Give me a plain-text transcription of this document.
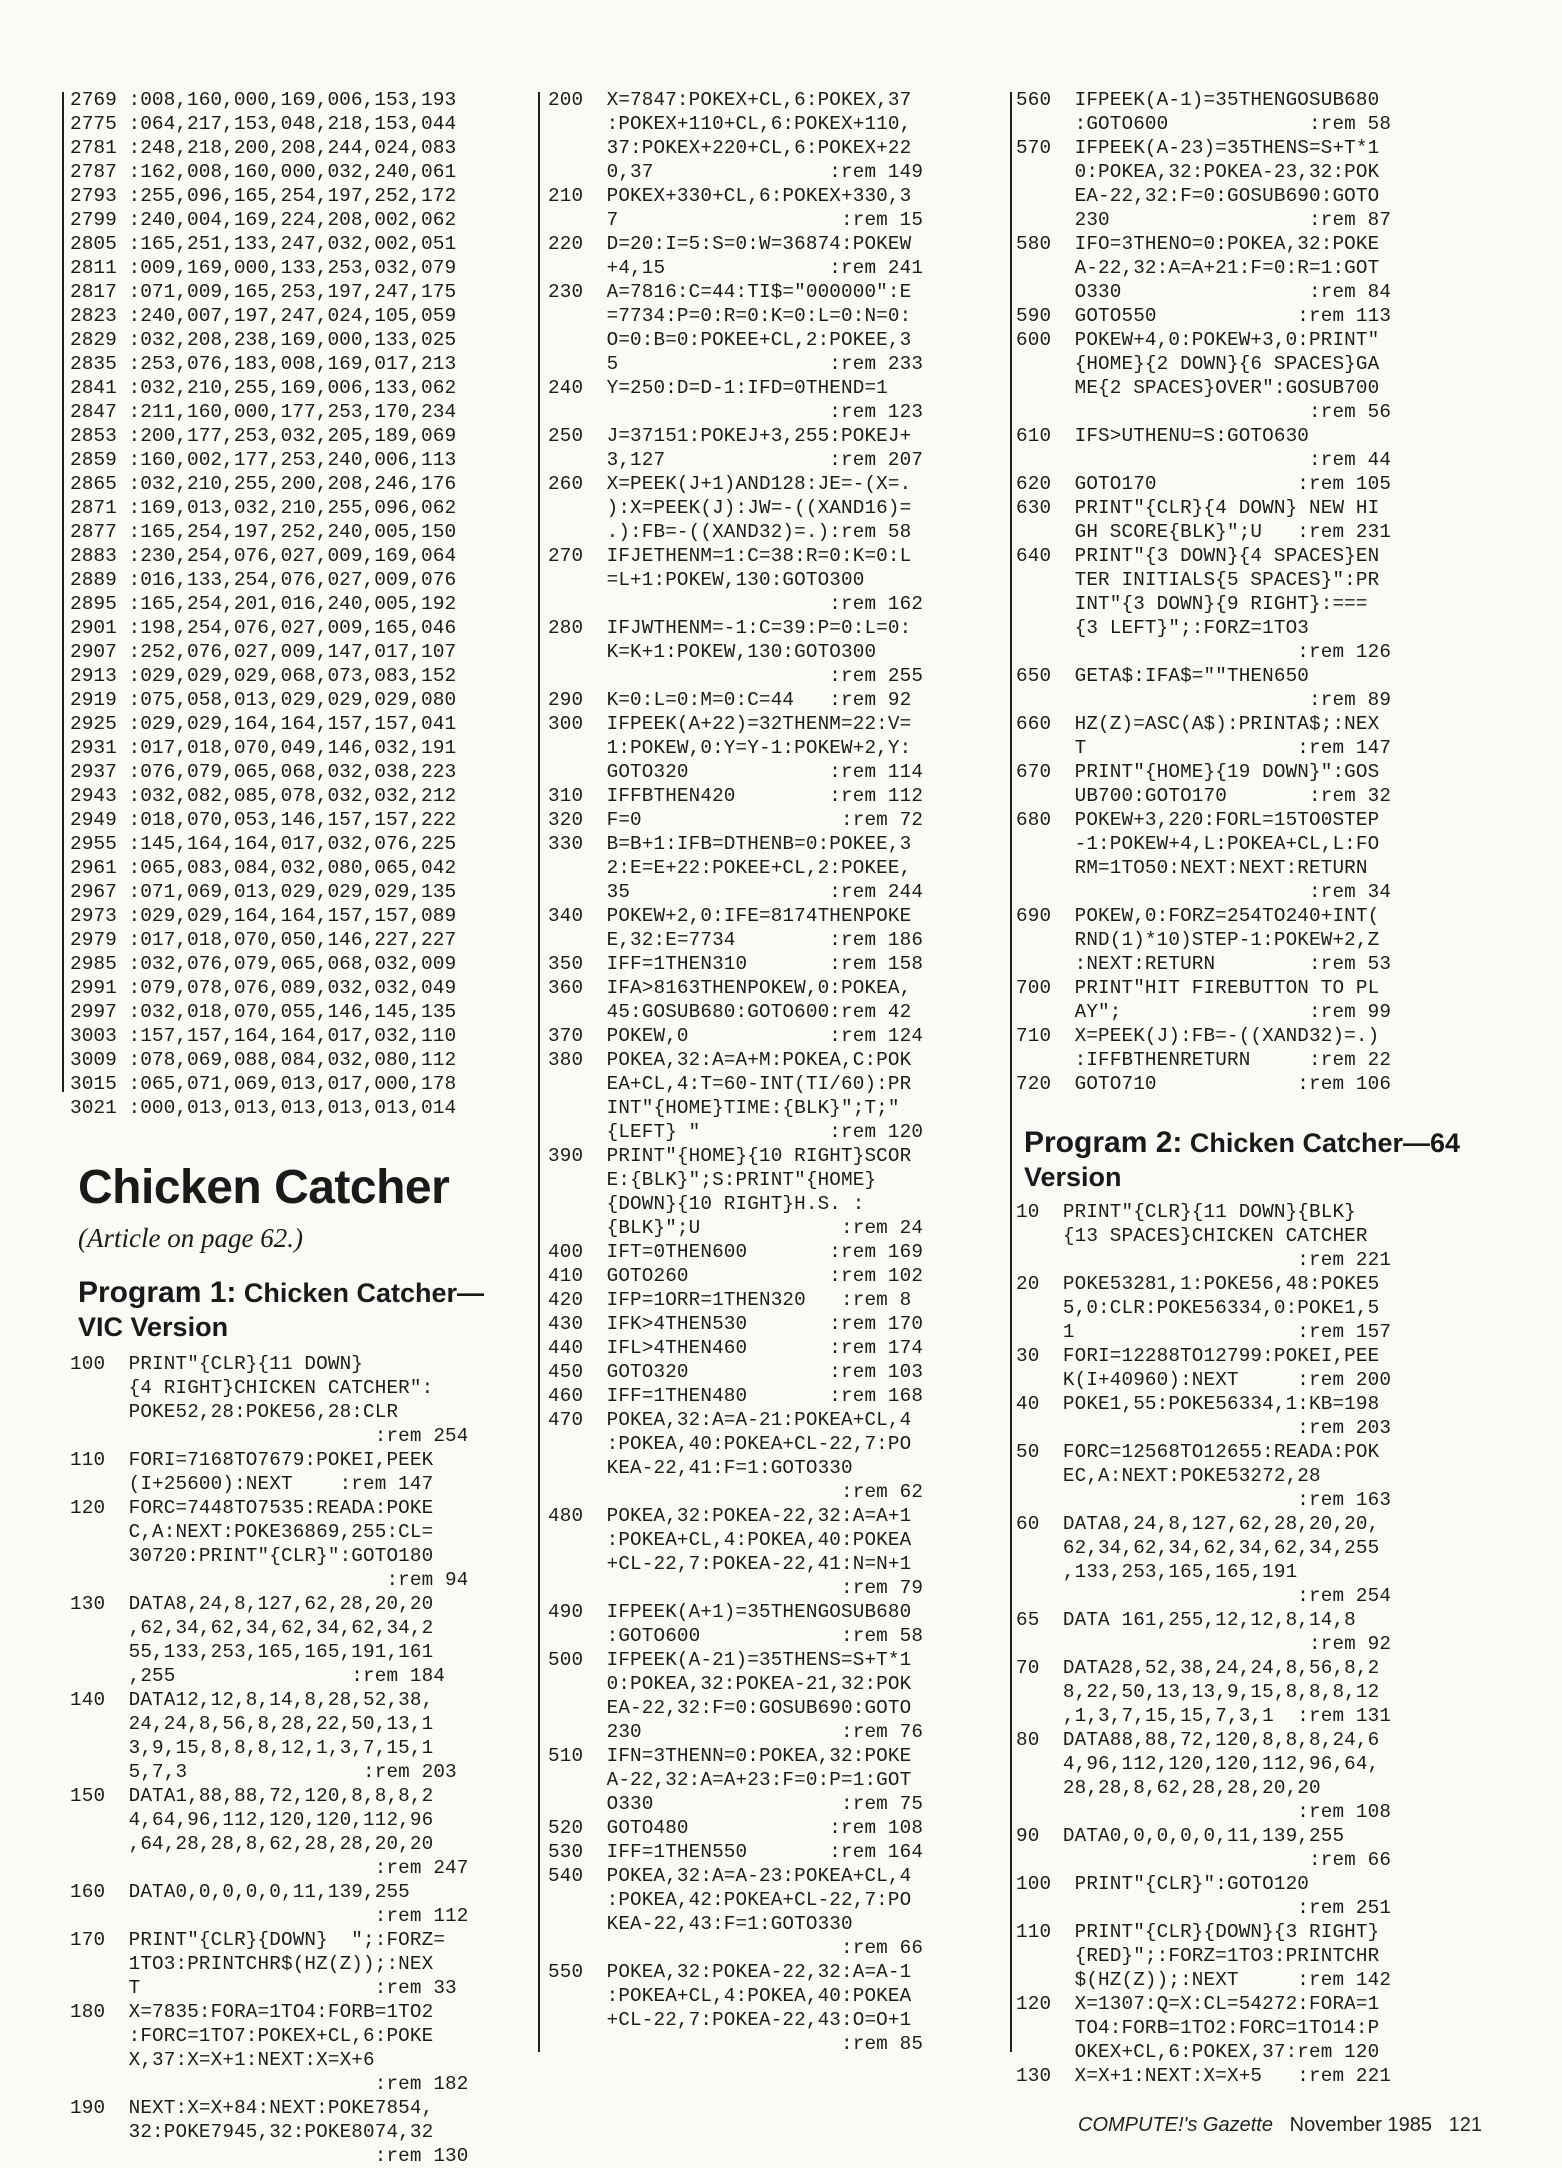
2769 :008,160,000,169,006,153,193
2775 :064,217,153,048,218,153,044
2781 :248,218,200,208,244,024,083
2787 :162,008,160,000,032,240,061
2793 :255,096,165,254,197,252,172
2799 :240,004,169,224,208,002,062
2805 :165,251,133,247,032,002,051
2811 :009,169,000,133,253,032,079
2817 :071,009,165,253,197,247,175
2823 :240,007,197,247,024,105,059
2829 :032,208,238,169,000,133,025
2835 :253,076,183,008,169,017,213
2841 :032,210,255,169,006,133,062
2847 :211,160,000,177,253,170,234
2853 :200,177,253,032,205,189,069
2859 :160,002,177,253,240,006,113
2865 :032,210,255,200,208,246,176
2871 :169,013,032,210,255,096,062
2877 :165,254,197,252,240,005,150
2883 :230,254,076,027,009,169,064
2889 :016,133,254,076,027,009,076
2895 :165,254,201,016,240,005,192
2901 :198,254,076,027,009,165,046
2907 :252,076,027,009,147,017,107
2913 :029,029,029,068,073,083,152
2919 :075,058,013,029,029,029,080
2925 :029,029,164,164,157,157,041
2931 :017,018,070,049,146,032,191
2937 :076,079,065,068,032,038,223
2943 :032,082,085,078,032,032,212
2949 :018,070,053,146,157,157,222
2955 :145,164,164,017,032,076,225
2961 :065,083,084,032,080,065,042
2967 :071,069,013,029,029,029,135
2973 :029,029,164,164,157,157,089
2979 :017,018,070,050,146,227,227
2985 :032,076,079,065,068,032,009
2991 :079,078,076,089,032,032,049
2997 :032,018,070,055,146,145,135
3003 :157,157,164,164,017,032,110
3009 :078,069,088,084,032,080,112
3015 :065,071,069,013,017,000,178
3021 :000,013,013,013,013,013,014
Chicken Catcher
(Article on page 62.)
Program 1: Chicken Catcher—
VIC Version
100  PRINT"{CLR}{11 DOWN}
{4 RIGHT}CHICKEN CATCHER":
POKE52,28:POKE56,28:CLR
:rem 254
110  FORI=7168TO7679:POKEI,PEEK
(I+25600):NEXT    :rem 147
120  FORC=7448TO7535:READA:POKE
C,A:NEXT:POKE36869,255:CL=
30720:PRINT"{CLR}":GOTO180
:rem 94
130  DATA8,24,8,127,62,28,20,20
,62,34,62,34,62,34,62,34,2
55,133,253,165,165,191,161
,255               :rem 184
140  DATA12,12,8,14,8,28,52,38,
24,24,8,56,8,28,22,50,13,1
3,9,15,8,8,8,12,1,3,7,15,1
5,7,3               :rem 203
150  DATA1,88,88,72,120,8,8,8,2
4,64,96,112,120,120,112,96
,64,28,28,8,62,28,28,20,20
:rem 247
160  DATA0,0,0,0,0,11,139,255
:rem 112
170  PRINT"{CLR}{DOWN}  ";:FORZ=
1TO3:PRINTCHR$(HZ(Z));:NEX
T                    :rem 33
180  X=7835:FORA=1TO4:FORB=1TO2
:FORC=1TO7:POKEX+CL,6:POKE
X,37:X=X+1:NEXT:X=X+6
:rem 182
190  NEXT:X=X+84:NEXT:POKE7854,
32:POKE7945,32:POKE8074,32
:rem 130
200  X=7847:POKEX+CL,6:POKEX,37
:POKEX+110+CL,6:POKEX+110,
37:POKEX+220+CL,6:POKEX+22
0,37               :rem 149
210  POKEX+330+CL,6:POKEX+330,3
7                   :rem 15
220  D=20:I=5:S=0:W=36874:POKEW
+4,15              :rem 241
230  A=7816:C=44:TI$="000000":E
=7734:P=0:R=0:K=0:L=0:N=0:
O=0:B=0:POKEE+CL,2:POKEE,3
5                  :rem 233
240  Y=250:D=D-1:IFD=0THEND=1
:rem 123
250  J=37151:POKEJ+3,255:POKEJ+
3,127              :rem 207
260  X=PEEK(J+1)AND128:JE=-(X=.
):X=PEEK(J):JW=-((XAND16)=
.):FB=-((XAND32)=.):rem 58
270  IFJETHENM=1:C=38:R=0:K=0:L
=L+1:POKEW,130:GOTO300
:rem 162
280  IFJWTHENM=-1:C=39:P=0:L=0:
K=K+1:POKEW,130:GOTO300
:rem 255
290  K=0:L=0:M=0:C=44   :rem 92
300  IFPEEK(A+22)=32THENM=22:V=
1:POKEW,0:Y=Y-1:POKEW+2,Y:
GOTO320            :rem 114
310  IFFBTHEN420        :rem 112
320  F=0                 :rem 72
330  B=B+1:IFB=DTHENB=0:POKEE,3
2:E=E+22:POKEE+CL,2:POKEE,
35                 :rem 244
340  POKEW+2,0:IFE=8174THENPOKE
E,32:E=7734        :rem 186
350  IFF=1THEN310       :rem 158
360  IFA>8163THENPOKEW,0:POKEA,
45:GOSUB680:GOTO600:rem 42
370  POKEW,0            :rem 124
380  POKEA,32:A=A+M:POKEA,C:POK
EA+CL,4:T=60-INT(TI/60):PR
INT"{HOME}TIME:{BLK}";T;"
{LEFT} "           :rem 120
390  PRINT"{HOME}{10 RIGHT}SCOR
E:{BLK}";S:PRINT"{HOME}
{DOWN}{10 RIGHT}H.S. :
{BLK}";U            :rem 24
400  IFT=0THEN600       :rem 169
410  GOTO260            :rem 102
420  IFP=1ORR=1THEN320   :rem 8
430  IFK>4THEN530       :rem 170
440  IFL>4THEN460       :rem 174
450  GOTO320            :rem 103
460  IFF=1THEN480       :rem 168
470  POKEA,32:A=A-21:POKEA+CL,4
:POKEA,40:POKEA+CL-22,7:PO
KEA-22,41:F=1:GOTO330
:rem 62
480  POKEA,32:POKEA-22,32:A=A+1
:POKEA+CL,4:POKEA,40:POKEA
+CL-22,7:POKEA-22,41:N=N+1
:rem 79
490  IFPEEK(A+1)=35THENGOSUB680
:GOTO600            :rem 58
500  IFPEEK(A-21)=35THENS=S+T*1
0:POKEA,32:POKEA-21,32:POK
EA-22,32:F=0:GOSUB690:GOTO
230                 :rem 76
510  IFN=3THENN=0:POKEA,32:POKE
A-22,32:A=A+23:F=0:P=1:GOT
O330                :rem 75
520  GOTO480            :rem 108
530  IFF=1THEN550       :rem 164
540  POKEA,32:A=A-23:POKEA+CL,4
:POKEA,42:POKEA+CL-22,7:PO
KEA-22,43:F=1:GOTO330
:rem 66
550  POKEA,32:POKEA-22,32:A=A-1
:POKEA+CL,4:POKEA,40:POKEA
+CL-22,7:POKEA-22,43:O=O+1
:rem 85
560  IFPEEK(A-1)=35THENGOSUB680
:GOTO600            :rem 58
570  IFPEEK(A-23)=35THENS=S+T*1
0:POKEA,32:POKEA-23,32:POK
EA-22,32:F=0:GOSUB690:GOTO
230                 :rem 87
580  IFO=3THENO=0:POKEA,32:POKE
A-22,32:A=A+21:F=0:R=1:GOT
O330                :rem 84
590  GOTO550            :rem 113
600  POKEW+4,0:POKEW+3,0:PRINT"
{HOME}{2 DOWN}{6 SPACES}GA
ME{2 SPACES}OVER":GOSUB700
:rem 56
610  IFS>UTHENU=S:GOTO630
:rem 44
620  GOTO170            :rem 105
630  PRINT"{CLR}{4 DOWN} NEW HI
GH SCORE{BLK}";U   :rem 231
640  PRINT"{3 DOWN}{4 SPACES}EN
TER INITIALS{5 SPACES}":PR
INT"{3 DOWN}{9 RIGHT}:===
{3 LEFT}";:FORZ=1TO3
:rem 126
650  GETA$:IFA$=""THEN650
:rem 89
660  HZ(Z)=ASC(A$):PRINTA$;:NEX
T                  :rem 147
670  PRINT"{HOME}{19 DOWN}":GOS
UB700:GOTO170       :rem 32
680  POKEW+3,220:FORL=15TO0STEP
-1:POKEW+4,L:POKEA+CL,L:FO
RM=1TO50:NEXT:NEXT:RETURN
:rem 34
690  POKEW,0:FORZ=254TO240+INT(
RND(1)*10)STEP-1:POKEW+2,Z
:NEXT:RETURN        :rem 53
700  PRINT"HIT FIREBUTTON TO PL
AY";                :rem 99
710  X=PEEK(J):FB=-((XAND32)=.)
:IFFBTHENRETURN     :rem 22
720  GOTO710            :rem 106
Program 2: Chicken Catcher—64
Version
10  PRINT"{CLR}{11 DOWN}{BLK}
{13 SPACES}CHICKEN CATCHER
:rem 221
20  POKE53281,1:POKE56,48:POKE5
5,0:CLR:POKE56334,0:POKE1,5
1                   :rem 157
30  FORI=12288TO12799:POKEI,PEE
K(I+40960):NEXT     :rem 200
40  POKE1,55:POKE56334,1:KB=198
:rem 203
50  FORC=12568TO12655:READA:POK
EC,A:NEXT:POKE53272,28
:rem 163
60  DATA8,24,8,127,62,28,20,20,
62,34,62,34,62,34,62,34,255
,133,253,165,165,191
:rem 254
65  DATA 161,255,12,12,8,14,8
:rem 92
70  DATA28,52,38,24,24,8,56,8,2
8,22,50,13,13,9,15,8,8,8,12
,1,3,7,15,15,7,3,1  :rem 131
80  DATA88,88,72,120,8,8,8,24,6
4,96,112,120,120,112,96,64,
28,28,8,62,28,28,20,20
:rem 108
90  DATA0,0,0,0,0,11,139,255
:rem 66
100  PRINT"{CLR}":GOTO120
:rem 251
110  PRINT"{CLR}{DOWN}{3 RIGHT}
{RED}";:FORZ=1TO3:PRINTCHR
$(HZ(Z));:NEXT     :rem 142
120  X=1307:Q=X:CL=54272:FORA=1
TO4:FORB=1TO2:FORC=1TO14:P
OKEX+CL,6:POKEX,37:rem 120
130  X=X+1:NEXT:X=X+5   :rem 221
COMPUTE!'s Gazette November 1985 121
